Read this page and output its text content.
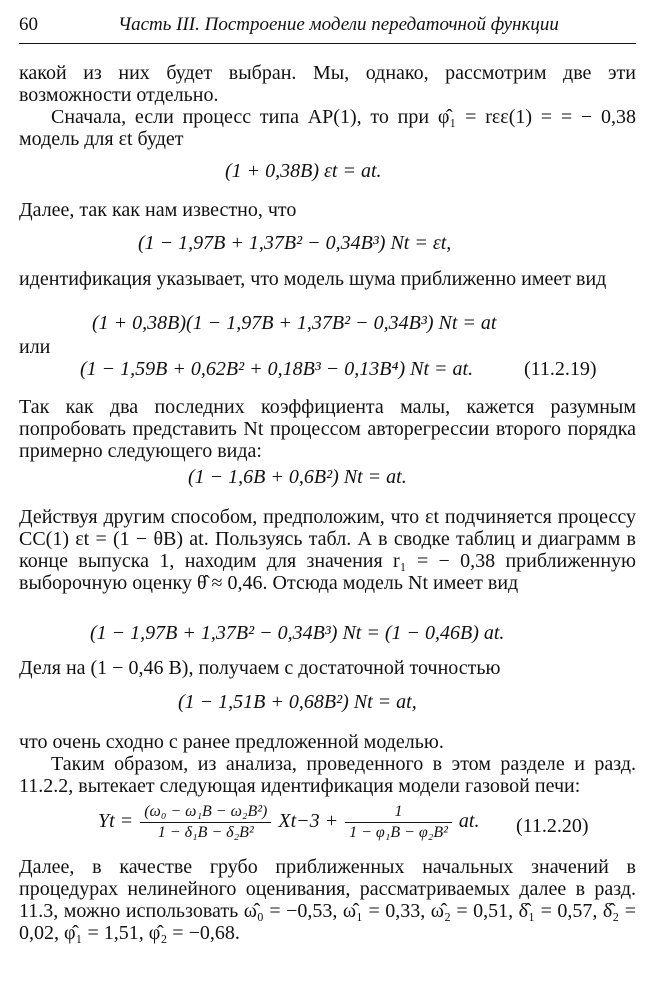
60	Часть III. Построение модели передаточной функции
какой из них будет выбран. Мы, однако, рассмотрим две эти возможности отдельно.
Сначала, если процесс типа АР(1), то при φ̂₁ = rεε(1) = = − 0,38 модель для εt будет
(1 + 0,38B) εt = at.
Далее, так как нам известно, что
(1 − 1,97B + 1,37B² − 0,34B³) Nt = εt,
идентификация указывает, что модель шума приближенно имеет вид
(1 + 0,38B)(1 − 1,97B + 1,37B² − 0,34B³) Nt = at
или
(1 − 1,59B + 0,62B² + 0,18B³ − 0,13B⁴) Nt = at.	(11.2.19)
Так как два последних коэффициента малы, кажется разумным попробовать представить Nt процессом авторегрессии второго порядка примерно следующего вида:
(1 − 1,6B + 0,6B²) Nt = at.
Действуя другим способом, предположим, что εt подчиняется процессу СС(1) εt = (1 − θB) at. Пользуясь табл. А в сводке таблиц и диаграмм в конце выпуска 1, находим для значения r₁ = − 0,38 приближенную выборочную оценку θ̂ ≈ 0,46. Отсюда модель Nt имеет вид
(1 − 1,97B + 1,37B² − 0,34B³) Nt = (1 − 0,46B) at.
Деля на (1 − 0,46 B), получаем с достаточной точностью
(1 − 1,51B + 0,68B²) Nt = at,
что очень сходно с ранее предложенной моделью.
Таким образом, из анализа, проведенного в этом разделе и разд. 11.2.2, вытекает следующая идентификация модели газовой печи:
$Yt = \frac{\text{(ω₀ − ω₁B − ω₂B²)}}{\text{1 − δ₁B − δ₂B²}} Xt-3 + \frac{1}{\text{1 − φ₁B − φ₂B²}}$ at. (11.2.20)
Далее, в качестве грубо приближенных начальных значений в процедурах нелинейного оценивания, рассматриваемых далее в разд. 11.3, можно использовать ω̂₀ = −0,53, ω̂₁ = 0,33, ω̂₂ = 0,51, δ̂₁ = 0,57, δ̂₂ = 0,02, φ̂₁ = 1,51, φ̂₂ = −0,68.
